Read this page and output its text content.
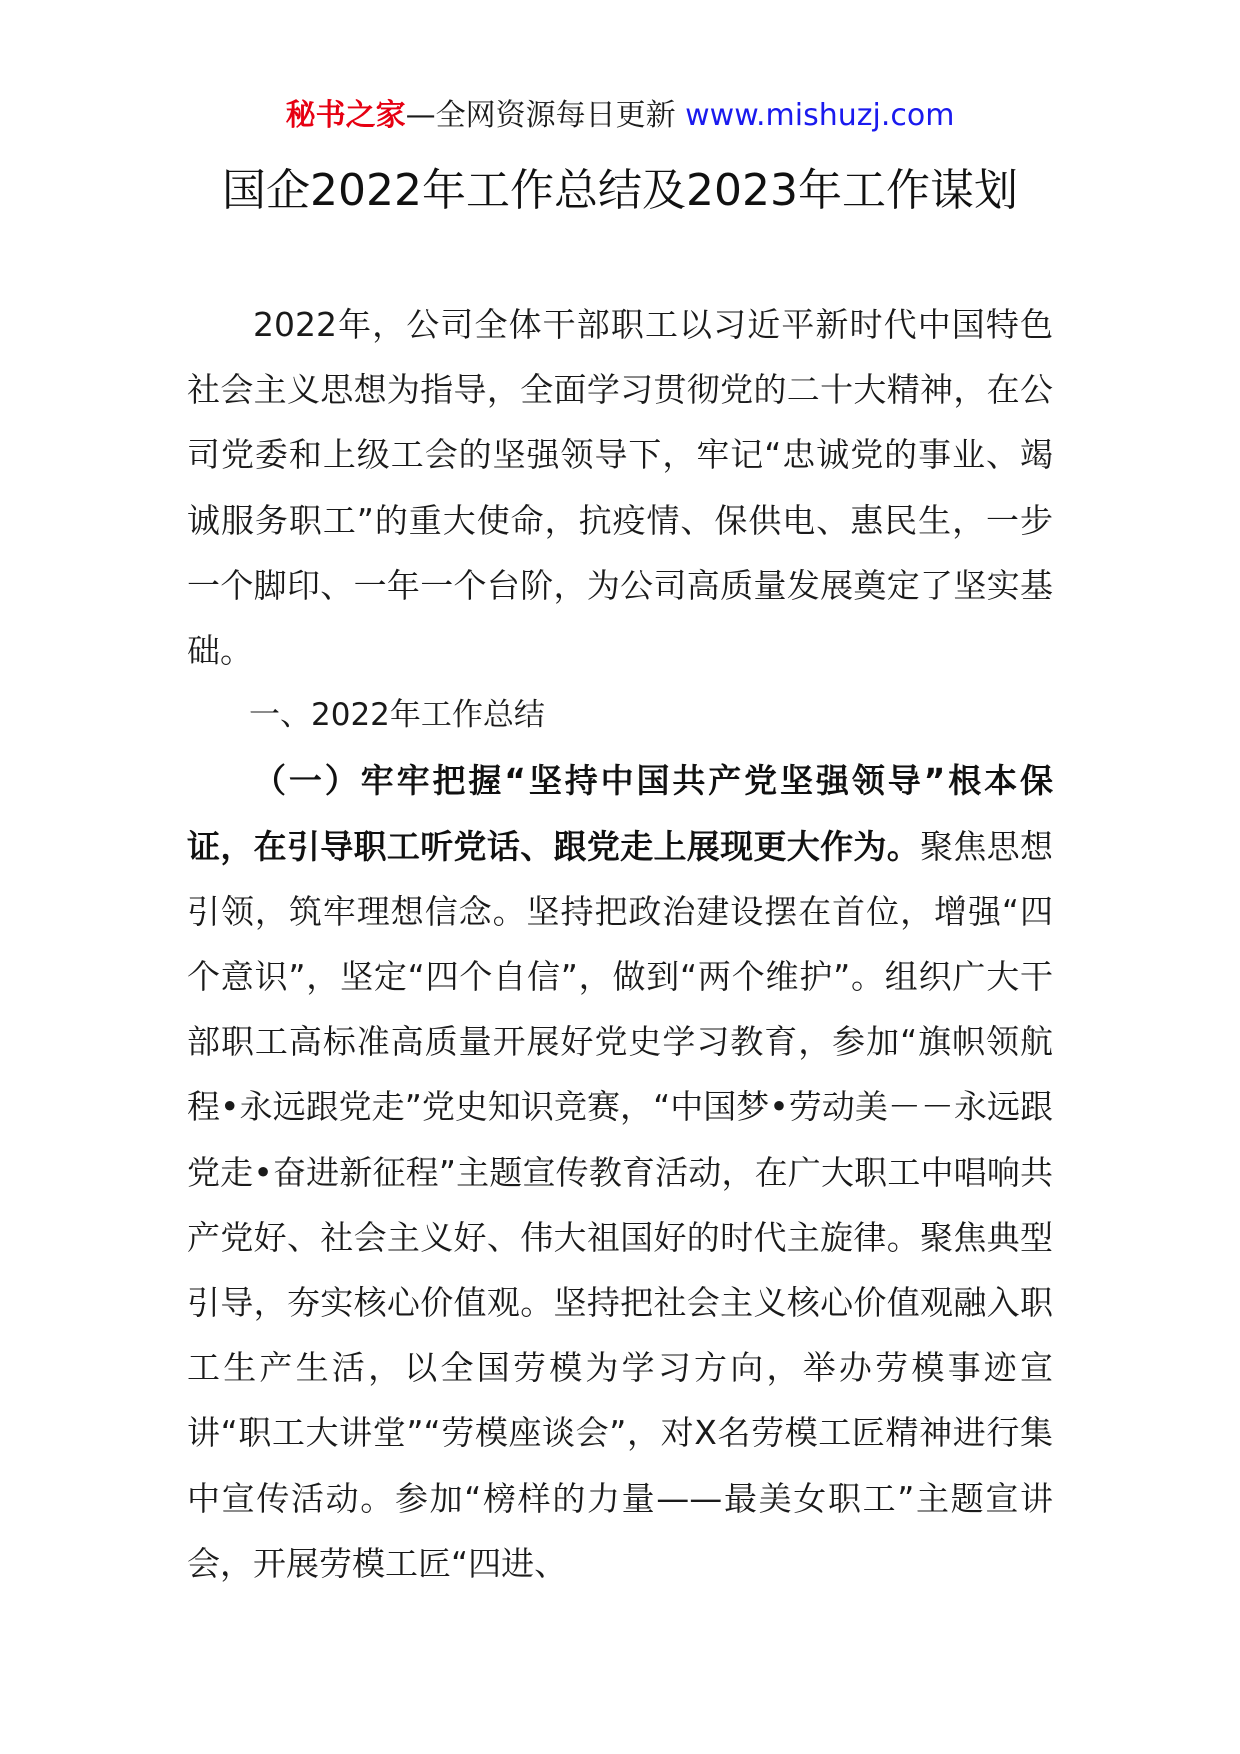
秘书之家—全网资源每日更新 www.mishuzj.com
国企2022年工作总结及2023年工作谋划

2022年，公司全体干部职工以习近平新时代中国特色社会主义思想为指导，全面学习贯彻党的二十大精神，在公司党委和上级工会的坚强领导下，牢记“忠诚党的事业、竭诚服务职工”的重大使命，抗疫情、保供电、惠民生，一步一个脚印、一年一个台阶，为公司高质量发展奠定了坚实基础。

一、2022年工作总结

（一）牢牢把握“坚持中国共产党坚强领导”根本保证，在引导职工听党话、跟党走上展现更大作为。聚焦思想引领，筑牢理想信念。坚持把政治建设摆在首位，增强“四个意识”，坚定“四个自信”，做到“两个维护”。组织广大干部职工高标准高质量开展好党史学习教育，参加“旗帜领航程•永远跟党走”党史知识竞赛，“中国梦•劳动美－－永远跟党走•奋进新征程”主题宣传教育活动，在广大职工中唱响共产党好、社会主义好、伟大祖国好的时代主旋律。聚焦典型引导，夯实核心价值观。坚持把社会主义核心价值观融入职工生产生活，以全国劳模为学习方向，举办劳模事迹宣讲“职工大讲堂”“劳模座谈会”，对X名劳模工匠精神进行集中宣传活动。参加“榜样的力量——最美女职工”主题宣讲会，开展劳模工匠“四进、
